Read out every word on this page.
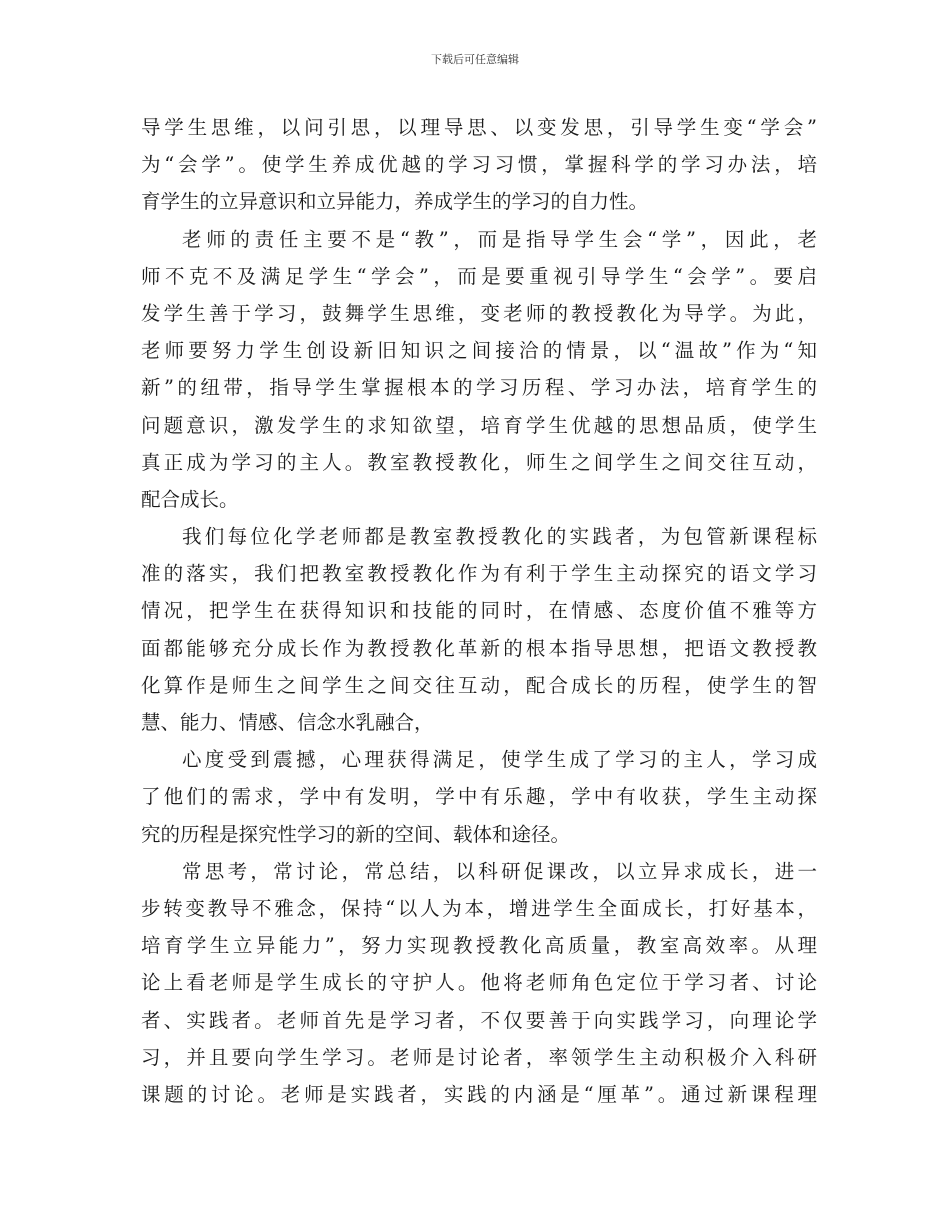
下载后可任意编辑
导学生思维，以问引思，以理导思、以变发思，引导学生变“学会”
为“会学”。使学生养成优越的学习习惯，掌握科学的学习办法，培
育学生的立异意识和立异能力，养成学生的学习的自力性。
老师的责任主要不是“教”，而是指导学生会“学”，因此，老
师不克不及满足学生“学会”，而是要重视引导学生“会学”。要启
发学生善于学习，鼓舞学生思维，变老师的教授教化为导学。为此，
老师要努力学生创设新旧知识之间接洽的情景，以“温故”作为“知
新”的纽带，指导学生掌握根本的学习历程、学习办法，培育学生的
问题意识，激发学生的求知欲望，培育学生优越的思想品质，使学生
真正成为学习的主人。教室教授教化，师生之间学生之间交往互动，
配合成长。
我们每位化学老师都是教室教授教化的实践者，为包管新课程标
准的落实，我们把教室教授教化作为有利于学生主动探究的语文学习
情况，把学生在获得知识和技能的同时，在情感、态度价值不雅等方
面都能够充分成长作为教授教化革新的根本指导思想，把语文教授教
化算作是师生之间学生之间交往互动，配合成长的历程，使学生的智
慧、能力、情感、信念水乳融合，
心度受到震撼，心理获得满足，使学生成了学习的主人，学习成
了他们的需求，学中有发明，学中有乐趣，学中有收获，学生主动探
究的历程是探究性学习的新的空间、载体和途径。
常思考，常讨论，常总结，以科研促课改，以立异求成长，进一
步转变教导不雅念，保持“以人为本，增进学生全面成长，打好基本，
培育学生立异能力”，努力实现教授教化高质量，教室高效率。从理
论上看老师是学生成长的守护人。他将老师角色定位于学习者、讨论
者、实践者。老师首先是学习者，不仅要善于向实践学习，向理论学
习，并且要向学生学习。老师是讨论者，率领学生主动积极介入科研
课题的讨论。老师是实践者，实践的内涵是“厘革”。通过新课程理
